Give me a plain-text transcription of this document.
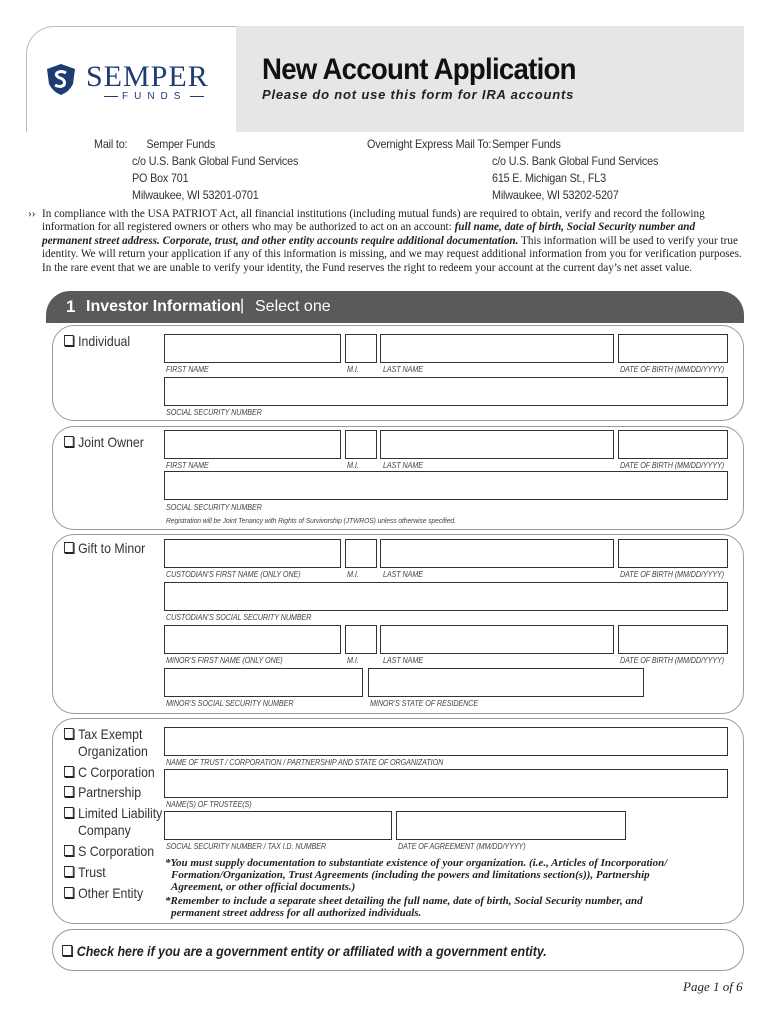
SEMPER
FUNDS
New Account Application
Please do not use this form for IRA accounts
Mail to: Semper Funds
c/o U.S. Bank Global Fund Services
PO Box 701
Milwaukee, WI 53201-0701
Overnight Express Mail To: Semper Funds
c/o U.S. Bank Global Fund Services
615 E. Michigan St., FL3
Milwaukee, WI 53202-5207
›› In compliance with the USA PATRIOT Act, all financial institutions (including mutual funds) are required to obtain, verify and record the following information for all registered owners or others who may be authorized to act on an account: full name, date of birth, Social Security number and permanent street address. Corporate, trust, and other entity accounts require additional documentation. This information will be used to verify your true identity. We will return your application if any of this information is missing, and we may request additional information from you for verification purposes. In the rare event that we are unable to verify your identity, the Fund reserves the right to redeem your account at the current day’s net asset value.
1 Investor Information | Select one
Individual
FIRST NAME	M.I.	LAST NAME	DATE OF BIRTH (MM/DD/YYYY)
SOCIAL SECURITY NUMBER
Joint Owner
FIRST NAME	M.I.	LAST NAME	DATE OF BIRTH (MM/DD/YYYY)
SOCIAL SECURITY NUMBER
Registration will be Joint Tenancy with Rights of Survivorship (JTWROS) unless otherwise specified.
Gift to Minor
CUSTODIAN’S FIRST NAME (ONLY ONE)	M.I.	LAST NAME	DATE OF BIRTH (MM/DD/YYYY)
CUSTODIAN’S SOCIAL SECURITY NUMBER
MINOR’S FIRST NAME (ONLY ONE)	M.I.	LAST NAME	DATE OF BIRTH (MM/DD/YYYY)
MINOR’S SOCIAL SECURITY NUMBER	MINOR’S STATE OF RESIDENCE
Tax Exempt
Organization
C Corporation
Partnership
Limited Liability
Company
S Corporation
Trust
Other Entity
NAME OF TRUST / CORPORATION / PARTNERSHIP AND STATE OF ORGANIZATION
NAME(S) OF TRUSTEE(S)
SOCIAL SECURITY NUMBER / TAX I.D. NUMBER	DATE OF AGREEMENT (MM/DD/YYYY)
*You must supply documentation to substantiate existence of your organization. (i.e., Articles of Incorporation/
Formation/Organization, Trust Agreements (including the powers and limitations section(s)), Partnership
Agreement, or other official documents.)
*Remember to include a separate sheet detailing the full name, date of birth, Social Security number, and
permanent street address for all authorized individuals.
Check here if you are a government entity or affiliated with a government entity.
Page 1 of 6
